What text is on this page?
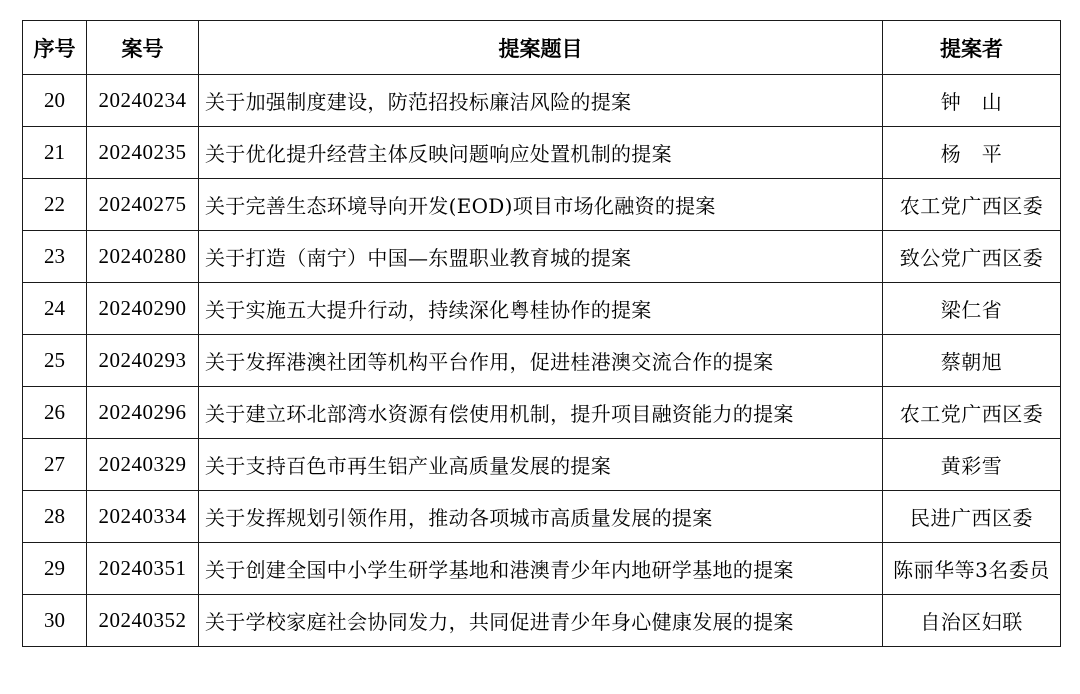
序号	案号	提案题目	提案者
20	20240234	关于加强制度建设，防范招投标廉洁风险的提案	钟　山
21	20240235	关于优化提升经营主体反映问题响应处置机制的提案	杨　平
22	20240275	关于完善生态环境导向开发(EOD)项目市场化融资的提案	农工党广西区委
23	20240280	关于打造（南宁）中国—东盟职业教育城的提案	致公党广西区委
24	20240290	关于实施五大提升行动，持续深化粤桂协作的提案	梁仁省
25	20240293	关于发挥港澳社团等机构平台作用，促进桂港澳交流合作的提案	蔡朝旭
26	20240296	关于建立环北部湾水资源有偿使用机制，提升项目融资能力的提案	农工党广西区委
27	20240329	关于支持百色市再生铝产业高质量发展的提案	黄彩雪
28	20240334	关于发挥规划引领作用，推动各项城市高质量发展的提案	民进广西区委
29	20240351	关于创建全国中小学生研学基地和港澳青少年内地研学基地的提案	陈丽华等3名委员
30	20240352	关于学校家庭社会协同发力，共同促进青少年身心健康发展的提案	自治区妇联
